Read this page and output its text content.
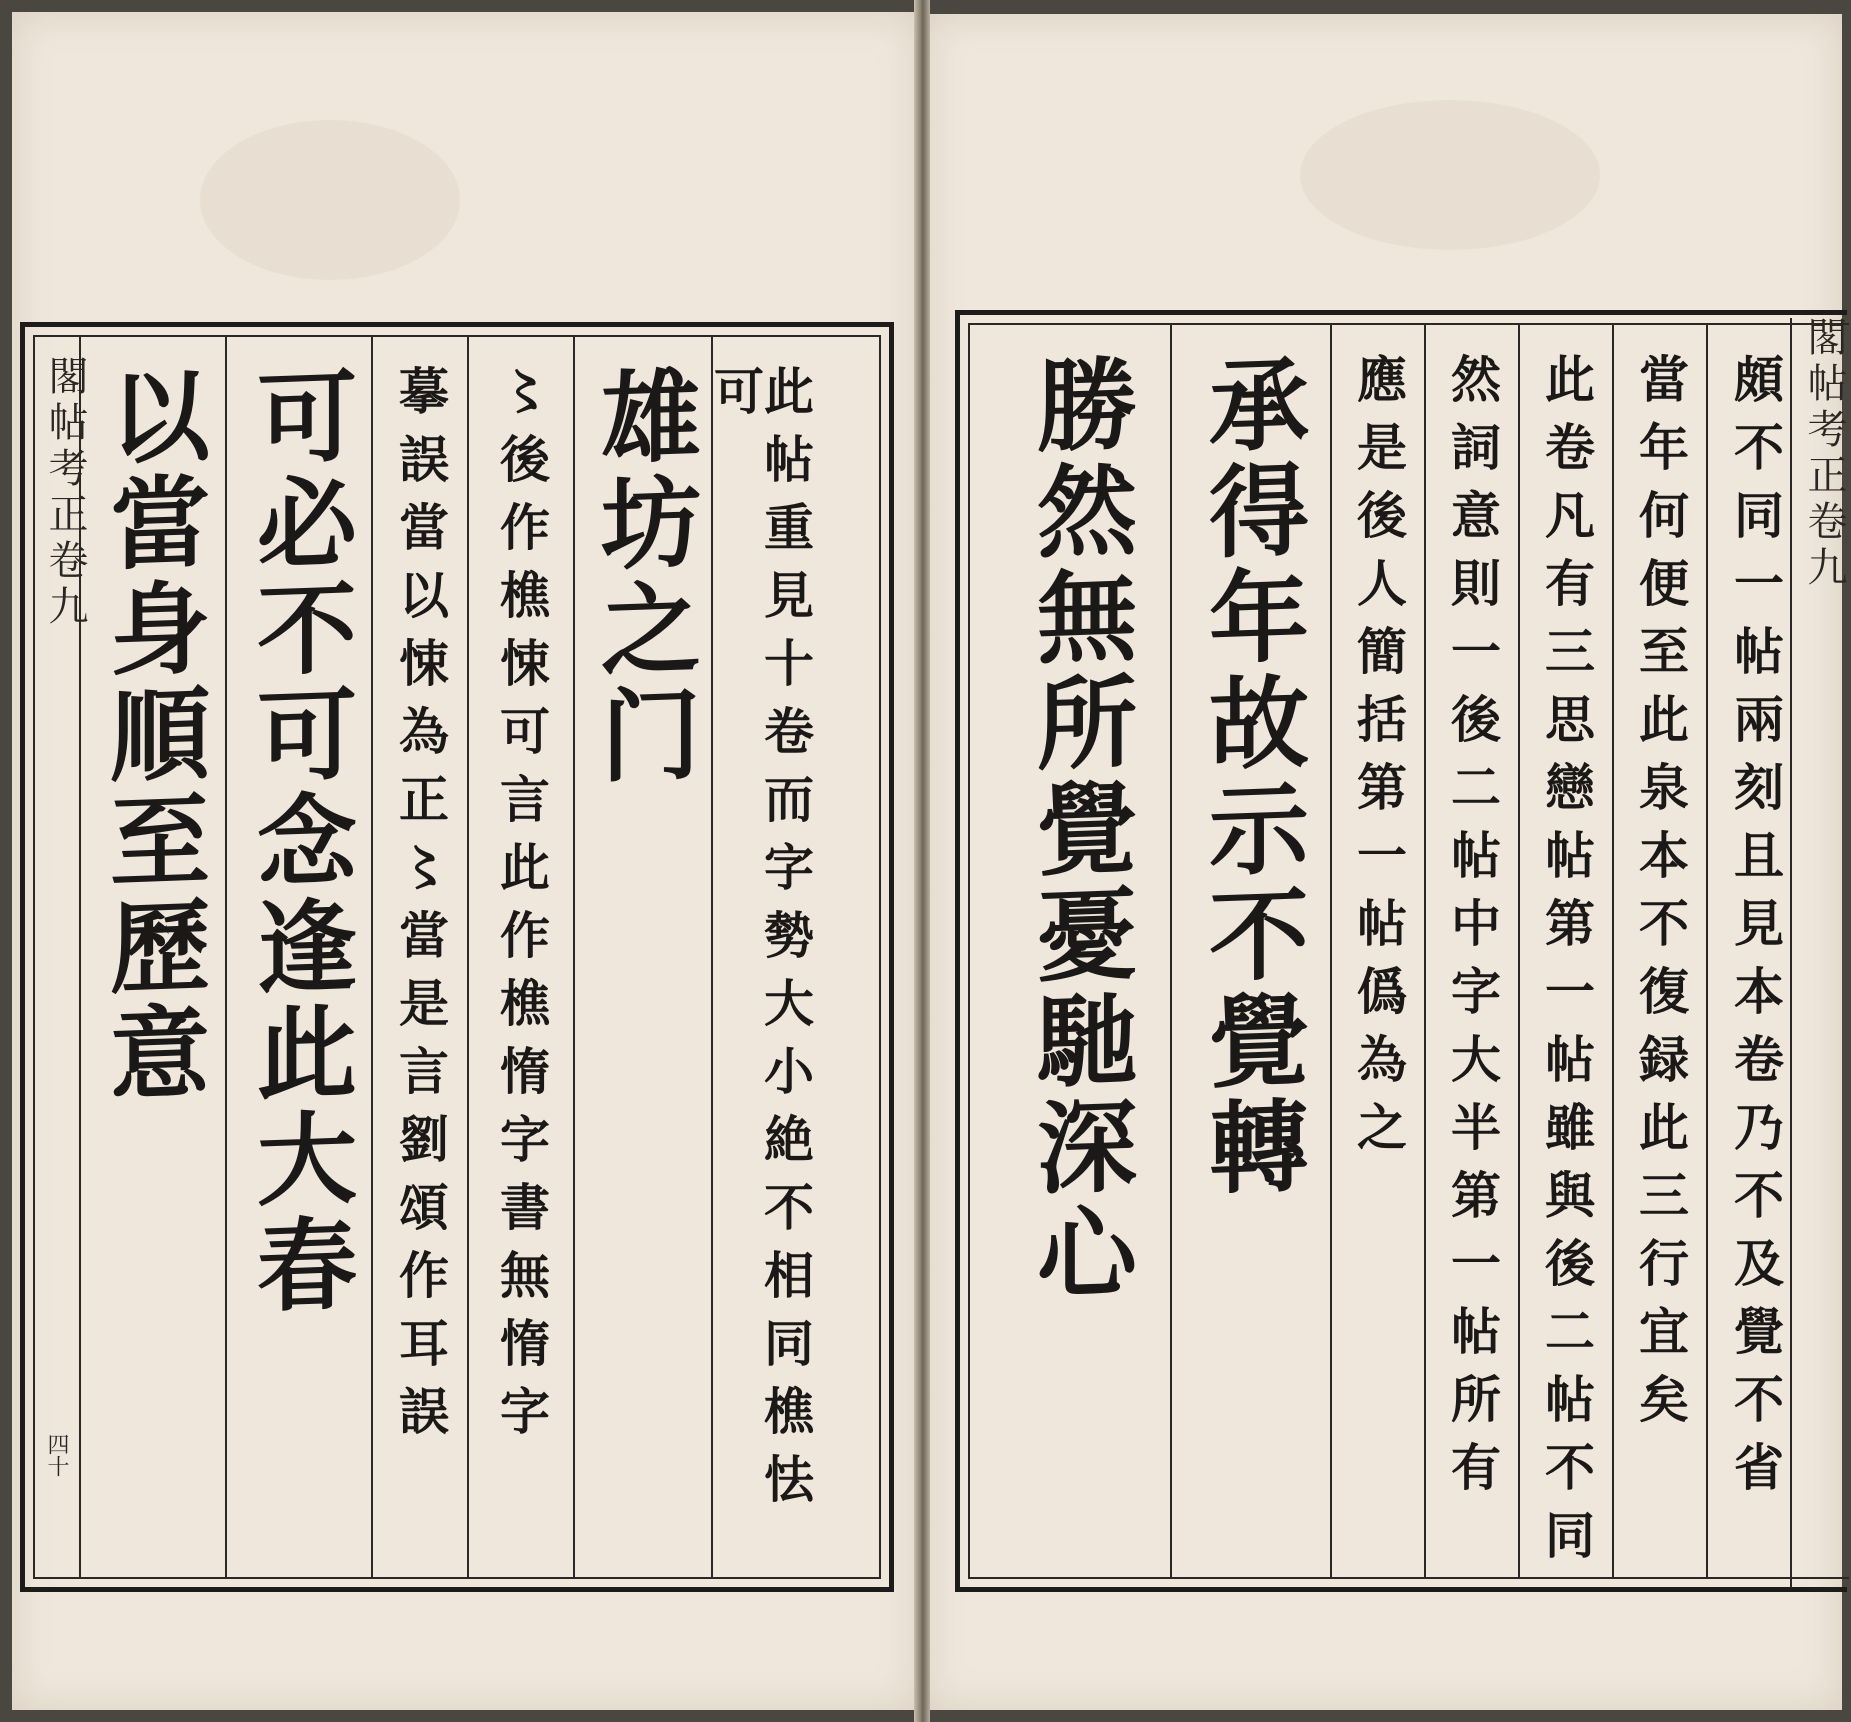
閣帖考正卷九
四十	此帖重見十卷而字勢大小絶不相同樵怯可
雄坊之门
〻後作樵悚可言此作樵惰字書無惰字
摹誤當以悚為正〻當是言劉頌作耳誤
可必不可念逢此大春
以當身順至歷意	頗不同一帖兩刻且見本卷乃不及覺不省
當年何便至此泉本不復録此三行宜矣
此卷凡有三思戀帖第一帖雖與後二帖不同
然詞意則一後二帖中字大半第一帖所有
應是後人簡括第一帖僞為之
承得年故示不覺轉
勝然無所覺憂馳深心	閣帖考正卷九
